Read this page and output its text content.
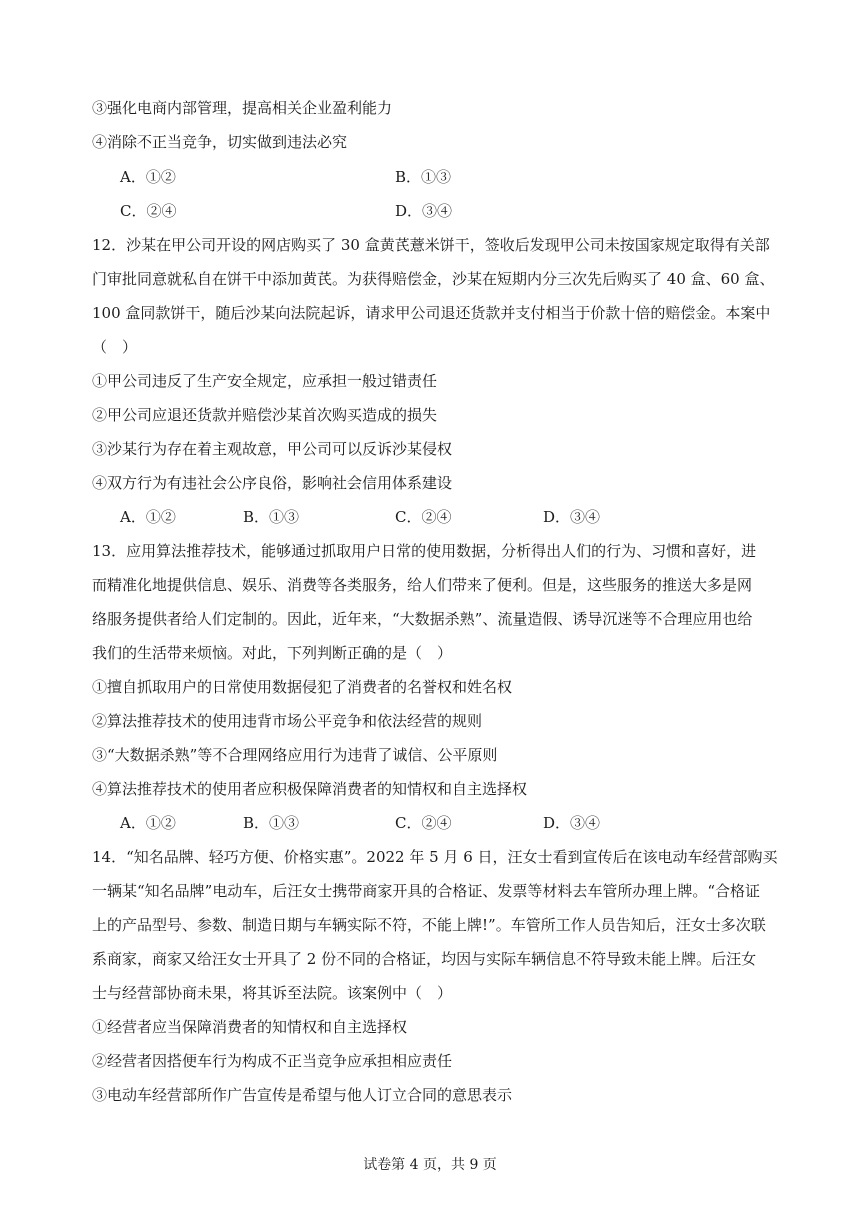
③强化电商内部管理，提高相关企业盈利能力
④消除不正当竞争，切实做到违法必究
A．①②	B．①③
C．②④	D．③④
12．沙某在甲公司开设的网店购买了 30 盒黄芪薏米饼干，签收后发现甲公司未按国家规定取得有关部
门审批同意就私自在饼干中添加黄芪。为获得赔偿金，沙某在短期内分三次先后购买了 40 盒、60 盒、
100 盒同款饼干，随后沙某向法院起诉，请求甲公司退还货款并支付相当于价款十倍的赔偿金。本案中
（　）
①甲公司违反了生产安全规定，应承担一般过错责任
②甲公司应退还货款并赔偿沙某首次购买造成的损失
③沙某行为存在着主观故意，甲公司可以反诉沙某侵权
④双方行为有违社会公序良俗，影响社会信用体系建设
A．①②	B．①③	C．②④	D．③④
13．应用算法推荐技术，能够通过抓取用户日常的使用数据，分析得出人们的行为、习惯和喜好，进
而精准化地提供信息、娱乐、消费等各类服务，给人们带来了便利。但是，这些服务的推送大多是网
络服务提供者给人们定制的。因此，近年来，“大数据杀熟”、流量造假、诱导沉迷等不合理应用也给
我们的生活带来烦恼。对此，下列判断正确的是（　）
①擅自抓取用户的日常使用数据侵犯了消费者的名誉权和姓名权
②算法推荐技术的使用违背市场公平竞争和依法经营的规则
③“大数据杀熟”等不合理网络应用行为违背了诚信、公平原则
④算法推荐技术的使用者应积极保障消费者的知情权和自主选择权
A．①②	B．①③	C．②④	D．③④
14．“知名品牌、轻巧方便、价格实惠”。2022 年 5 月 6 日，汪女士看到宣传后在该电动车经营部购买
一辆某“知名品牌”电动车，后汪女士携带商家开具的合格证、发票等材料去车管所办理上牌。“合格证
上的产品型号、参数、制造日期与车辆实际不符，不能上牌!”。车管所工作人员告知后，汪女士多次联
系商家，商家又给汪女士开具了 2 份不同的合格证，均因与实际车辆信息不符导致未能上牌。后汪女
士与经营部协商未果，将其诉至法院。该案例中（　）
①经营者应当保障消费者的知情权和自主选择权
②经营者因搭便车行为构成不正当竞争应承担相应责任
③电动车经营部所作广告宣传是希望与他人订立合同的意思表示
试卷第 4 页，共 9 页
